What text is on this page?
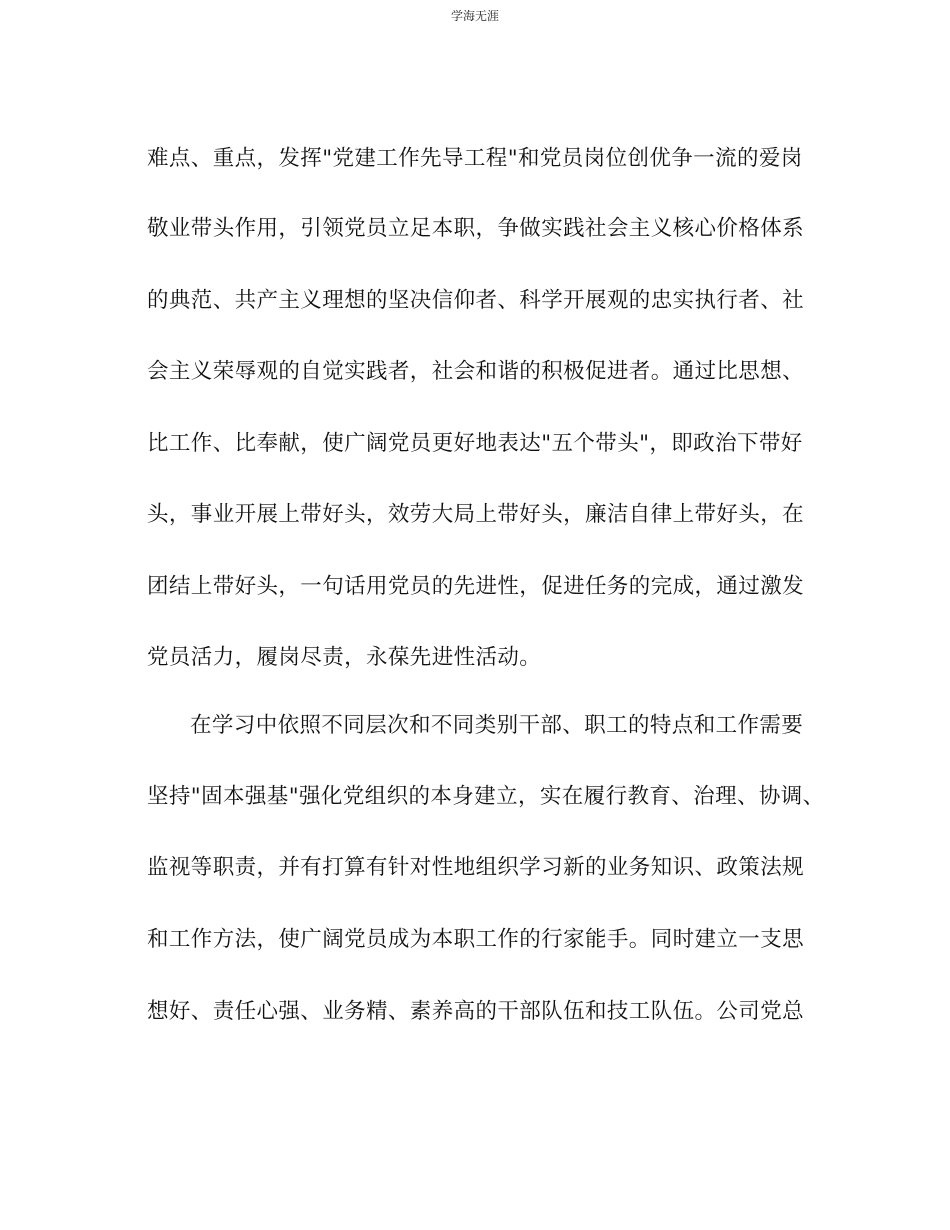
学海无涯
难点、重点，发挥"党建工作先导工程"和党员岗位创优争一流的爱岗
敬业带头作用，引领党员立足本职，争做实践社会主义核心价格体系
的典范、共产主义理想的坚决信仰者、科学开展观的忠实执行者、社
会主义荣辱观的自觉实践者，社会和谐的积极促进者。通过比思想、
比工作、比奉献，使广阔党员更好地表达"五个带头"，即政治下带好
头，事业开展上带好头，效劳大局上带好头，廉洁自律上带好头，在
团结上带好头，一句话用党员的先进性，促进任务的完成，通过激发
党员活力，履岗尽责，永葆先进性活动。
在学习中依照不同层次和不同类别干部、职工的特点和工作需要
坚持"固本强基"强化党组织的本身建立，实在履行教育、治理、协调、
监视等职责，并有打算有针对性地组织学习新的业务知识、政策法规
和工作方法，使广阔党员成为本职工作的行家能手。同时建立一支思
想好、责任心强、业务精、素养高的干部队伍和技工队伍。公司党总
